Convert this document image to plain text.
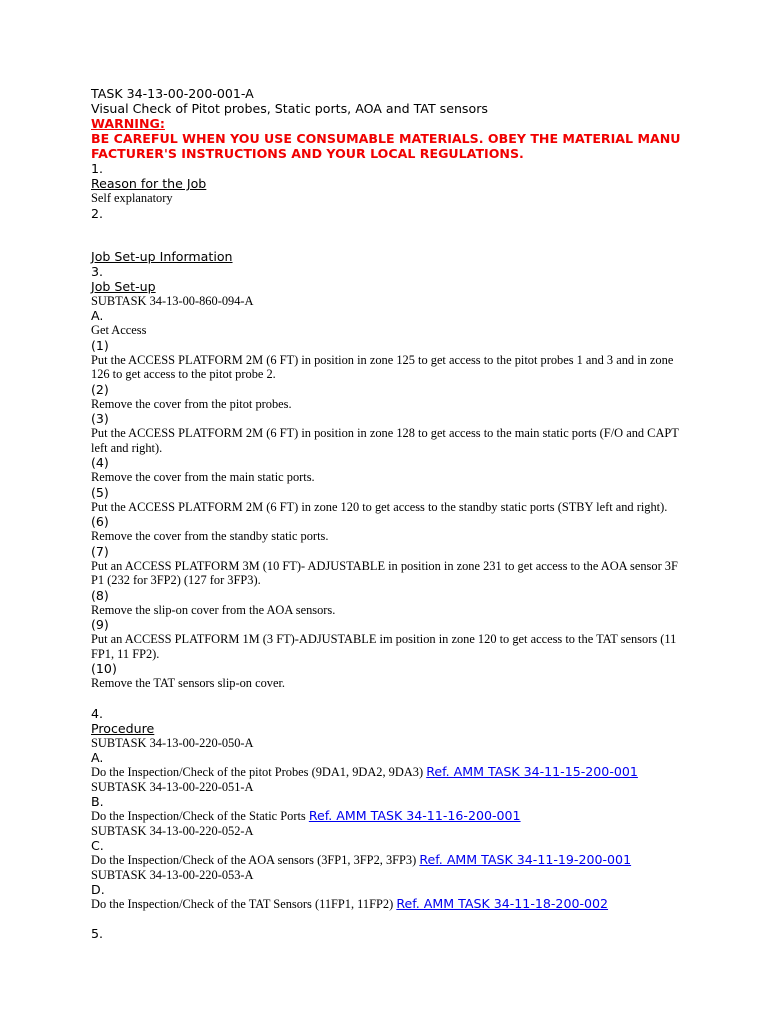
TASK 34-13-00-200-001-A
Visual Check of Pitot probes, Static ports, AOA and TAT sensors
WARNING:
BE CAREFUL WHEN YOU USE CONSUMABLE MATERIALS. OBEY THE MATERIAL MANUFACTURER'S INSTRUCTIONS AND YOUR LOCAL REGULATIONS.
1.
Reason for the Job
Self explanatory
2.
Job Set-up Information
3.
Job Set-up
SUBTASK 34-13-00-860-094-A
A.
Get Access
(1)
Put the ACCESS PLATFORM 2M (6 FT) in position in zone 125 to get access to the pitot probes 1 and 3 and in zone 126 to get access to the pitot probe 2.
(2)
Remove the cover from the pitot probes.
(3)
Put the ACCESS PLATFORM 2M (6 FT) in position in zone 128 to get access to the main static ports (F/O and CAPT left and right).
(4)
Remove the cover from the main static ports.
(5)
Put the ACCESS PLATFORM 2M (6 FT) in zone 120 to get access to the standby static ports (STBY left and right).
(6)
Remove the cover from the standby static ports.
(7)
Put an ACCESS PLATFORM 3M (10 FT)- ADJUSTABLE in position in zone 231 to get access to the AOA sensor 3FP1 (232 for 3FP2) (127 for 3FP3).
(8)
Remove the slip-on cover from the AOA sensors.
(9)
Put an ACCESS PLATFORM 1M (3 FT)-ADJUSTABLE im position in zone 120 to get access to the TAT sensors (11FP1, 11 FP2).
(10)
Remove the TAT sensors slip-on cover.
4.
Procedure
SUBTASK 34-13-00-220-050-A
A.
Do the Inspection/Check of the pitot Probes (9DA1, 9DA2, 9DA3) Ref. AMM TASK 34-11-15-200-001
SUBTASK 34-13-00-220-051-A
B.
Do the Inspection/Check of the Static Ports Ref. AMM TASK 34-11-16-200-001
SUBTASK 34-13-00-220-052-A
C.
Do the Inspection/Check of the AOA sensors (3FP1, 3FP2, 3FP3) Ref. AMM TASK 34-11-19-200-001
SUBTASK 34-13-00-220-053-A
D.
Do the Inspection/Check of the TAT Sensors (11FP1, 11FP2) Ref. AMM TASK 34-11-18-200-002
5.
